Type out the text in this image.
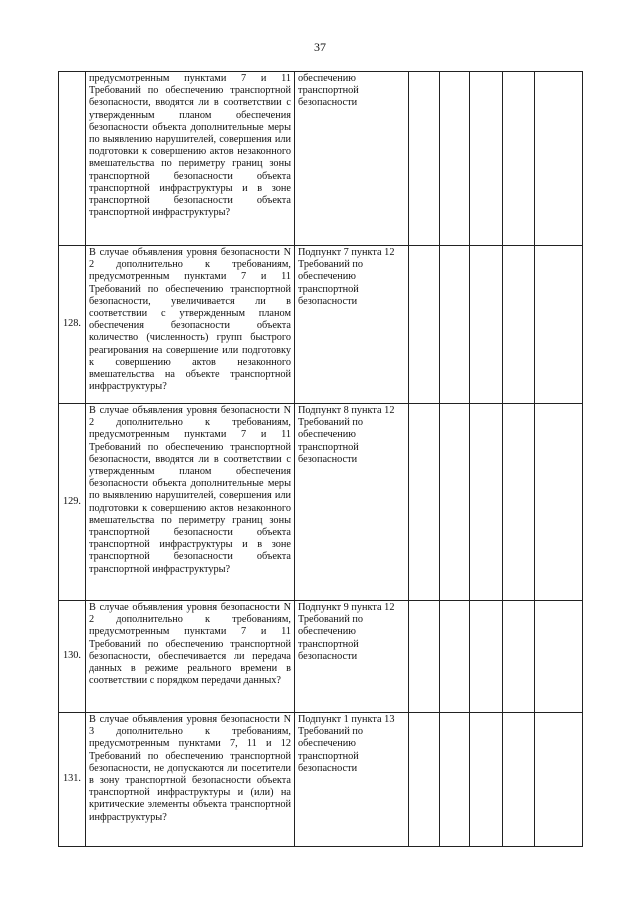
37
	предусмотренным пунктами 7 и 11 Требований по обеспечению транспортной безопасности, вводятся ли в соответствии с утвержденным планом обеспечения безопасности объекта дополнительные меры по выявлению нарушителей, совершения или подготовки к совершению актов незаконного вмешательства по периметру границ зоны транспортной безопасности объекта транспортной инфраструктуры и в зоне транспортной безопасности объекта транспортной инфраструктуры?	обеспечению транспортной безопасности					
128.	В случае объявления уровня безопасности N 2 дополнительно к требованиям, предусмотренным пунктами 7 и 11 Требований по обеспечению транспортной безопасности, увеличивается ли в соответствии с утвержденным планом обеспечения безопасности объекта количество (численность) групп быстрого реагирования на совершение или подготовку к совершению актов незаконного вмешательства на объекте транспортной инфраструктуры?	Подпункт 7 пункта 12 Требований по обеспечению транспортной безопасности					
129.	В случае объявления уровня безопасности N 2 дополнительно к требованиям, предусмотренным пунктами 7 и 11 Требований по обеспечению транспортной безопасности, вводятся ли в соответствии с утвержденным планом обеспечения безопасности объекта дополнительные меры по выявлению нарушителей, совершения или подготовки к совершению актов незаконного вмешательства по периметру границ зоны транспортной безопасности объекта транспортной инфраструктуры и в зоне транспортной безопасности объекта транспортной инфраструктуры?	Подпункт 8 пункта 12 Требований по обеспечению транспортной безопасности					
130.	В случае объявления уровня безопасности N 2 дополнительно к требованиям, предусмотренным пунктами 7 и 11 Требований по обеспечению транспортной безопасности, обеспечивается ли передача данных в режиме реального времени в соответствии с порядком передачи данных?	Подпункт 9 пункта 12 Требований по обеспечению транспортной безопасности					
131.	В случае объявления уровня безопасности N 3 дополнительно к требованиям, предусмотренным пунктами 7, 11 и 12 Требований по обеспечению транспортной безопасности, не допускаются ли посетители в зону транспортной безопасности объекта транспортной инфраструктуры и (или) на критические элементы объекта транспортной инфраструктуры?	Подпункт 1 пункта 13 Требований по обеспечению транспортной безопасности					
